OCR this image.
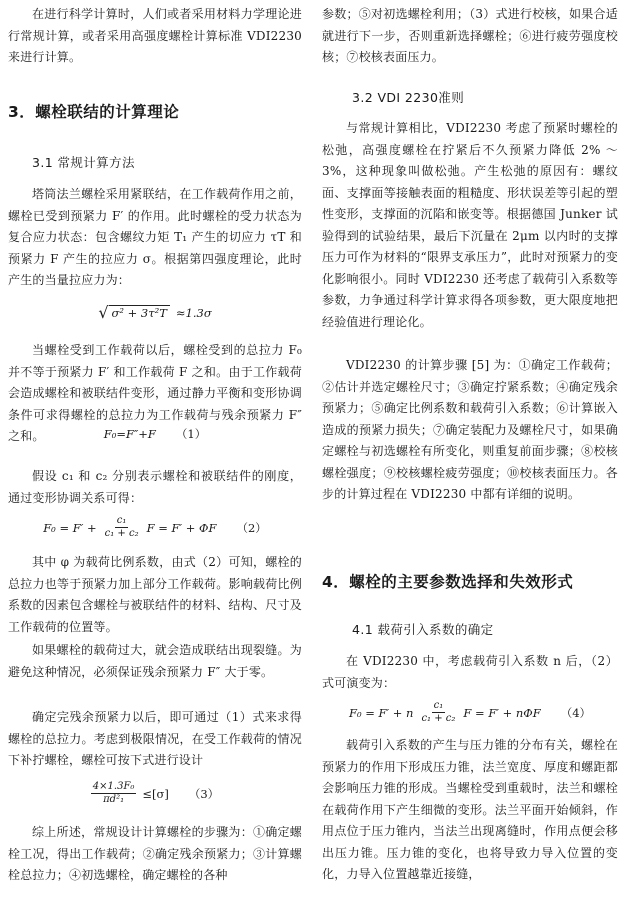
在进行科学计算时，人们或者采用材料力学理论进行常规计算，或者采用高强度螺栓计算标准 VDI2230 来进行计算。

3．螺栓联结的计算理论
3.1 常规计算方法

塔筒法兰螺栓采用紧联结，在工作载荷作用之前，螺栓已受到预紧力 F′ 的作用。此时螺栓的受力状态为复合应力状态：包含螺纹力矩 T₁ 产生的切应力 τT 和预紧力 F 产生的拉应力 σ。根据第四强度理论，此时产生的当量拉应力为：

√ σ² + 3τ²T ≈1.3σ

当螺栓受到工作载荷以后，螺栓受到的总拉力 F₀ 并不等于预紧力 F′ 和工作载荷 F 之和。由于工作载荷会造成螺栓和被联结件变形，通过静力平衡和变形协调条件可求得螺栓的总拉力为工作载荷与残余预紧力 F″ 之和。	F₀=F″+F （1）

假设 c₁ 和 c₂ 分别表示螺栓和被联结件的刚度，通过变形协调关系可得：

$F_0 = F' + \frac{\text{c₁}}{\text{c₁ + c₂}}$ F = F′ + ΦF （2）

其中 φ 为载荷比例系数，由式（2）可知，螺栓的总拉力也等于预紧力加上部分工作载荷。影响载荷比例系数的因素包含螺栓与被联结件的材料、结构、尺寸及工作载荷的位置等。

如果螺栓的载荷过大，就会造成联结出现裂缝。为避免这种情况，必须保证残余预紧力 F″ 大于零。

确定完残余预紧力以后，即可通过（1）式来求得螺栓的总拉力。考虑到极限情况，在受工作载荷的情况下补拧螺栓，螺栓可按下式进行设计

$\frac{\text{4×1.3F₀}}{\text{πd²₁}} \le[\sigma]$ （3）

综上所述，常规设计计算螺栓的步骤为：①确定螺栓工况，得出工作载荷；②确定残余预紧力；③计算螺栓总拉力；④初选螺栓，确定螺栓的各种

参数；⑤对初选螺栓利用；（3）式进行校核，如果合适就进行下一步，否则重新选择螺栓；⑥进行疲劳强度校核；⑦校核表面压力。

3.2 VDI 2230准则

与常规计算相比，VDI2230 考虑了预紧时螺栓的松弛，高强度螺栓在拧紧后不久预紧力降低 2% ～ 3%，这种现象叫做松弛。产生松弛的原因有：螺纹面、支撑面等接触表面的粗糙度、形状误差等引起的塑性变形，支撑面的沉陷和嵌变等。根据德国 Junker 试验得到的试验结果，最后下沉量在 2μm 以内时的支撑压力可作为材料的“限界支承压力”，此时对预紧力的变化影响很小。同时 VDI2230 还考虑了载荷引入系数等参数，力争通过科学计算求得各项参数，更大限度地把经验值进行理论化。

VDI2230 的计算步骤 [5] 为：①确定工作载荷；②估计并选定螺栓尺寸；③确定拧紧系数；④确定残余预紧力；⑤确定比例系数和载荷引入系数；⑥计算嵌入造成的预紧力损失；⑦确定装配力及螺栓尺寸，如果确定螺栓与初选螺栓有所变化，则重复前面步骤；⑧校核螺栓强度；⑨校核螺栓疲劳强度；⑩校核表面压力。各步的计算过程在 VDI2230 中都有详细的说明。

4．螺栓的主要参数选择和失效形式
4.1 载荷引入系数的确定

在 VDI2230 中，考虑载荷引入系数 n 后，（2）式可演变为：

F₀ = F′ + n $\frac{\text{c₁}}{\text{c₁ + c₂}}$ F = F′ + nΦF （4）

载荷引入系数的产生与压力锥的分布有关，螺栓在预紧力的作用下形成压力锥，法兰宽度、厚度和螺距都会影响压力锥的形成。当螺栓受到重载时，法兰和螺栓在载荷作用下产生细微的变形。法兰平面开始倾斜，作用点位于压力锥内，当法兰出现离缝时，作用点便会移出压力锥。压力锥的变化，也将导致力导入位置的变化，力导入位置越靠近接缝，
